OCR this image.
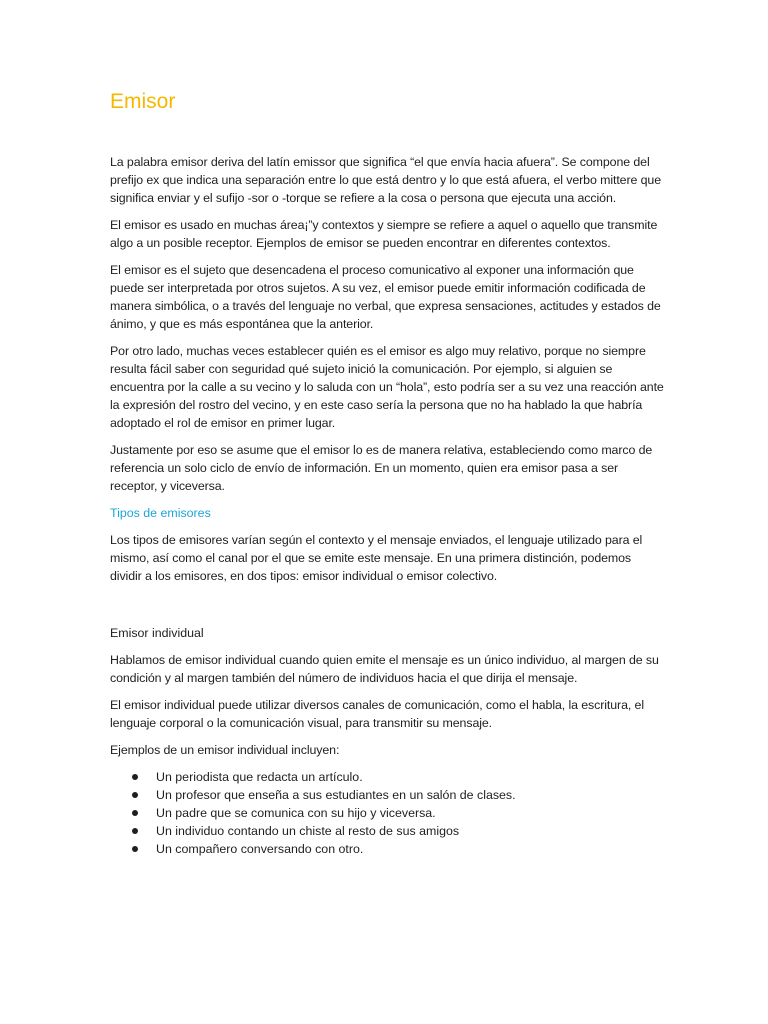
Emisor

La palabra emisor deriva del latín emissor que significa “el que envía hacia afuera”. Se compone del prefijo ex que indica una separación entre lo que está dentro y lo que está afuera, el verbo mittere que significa enviar y el sufijo -sor o -torque se refiere a la cosa o persona que ejecuta una acción.

El emisor es usado en muchas área¡”y contextos y siempre se refiere a aquel o aquello que transmite algo a un posible receptor. Ejemplos de emisor se pueden encontrar en diferentes contextos.

El emisor es el sujeto que desencadena el proceso comunicativo al exponer una información que puede ser interpretada por otros sujetos. A su vez, el emisor puede emitir información codificada de manera simbólica, o a través del lenguaje no verbal, que expresa sensaciones, actitudes y estados de ánimo, y que es más espontánea que la anterior.

Por otro lado, muchas veces establecer quién es el emisor es algo muy relativo, porque no siempre resulta fácil saber con seguridad qué sujeto inició la comunicación. Por ejemplo, si alguien se encuentra por la calle a su vecino y lo saluda con un “hola”, esto podría ser a su vez una reacción ante la expresión del rostro del vecino, y en este caso sería la persona que no ha hablado la que habría adoptado el rol de emisor en primer lugar.

Justamente por eso se asume que el emisor lo es de manera relativa, estableciendo como marco de referencia un solo ciclo de envío de información. En un momento, quien era emisor pasa a ser receptor, y viceversa.

Tipos de emisores

Los tipos de emisores varían según el contexto y el mensaje enviados, el lenguaje utilizado para el mismo, así como el canal por el que se emite este mensaje. En una primera distinción, podemos dividir a los emisores, en dos tipos: emisor individual o emisor colectivo.

Emisor individual

Hablamos de emisor individual cuando quien emite el mensaje es un único individuo, al margen de su condición y al margen también del número de individuos hacia el que dirija el mensaje.

El emisor individual puede utilizar diversos canales de comunicación, como el habla, la escritura, el lenguaje corporal o la comunicación visual, para transmitir su mensaje.

Ejemplos de un emisor individual incluyen:

Un periodista que redacta un artículo.
Un profesor que enseña a sus estudiantes en un salón de clases.
Un padre que se comunica con su hijo y viceversa.
Un individuo contando un chiste al resto de sus amigos
Un compañero conversando con otro.
